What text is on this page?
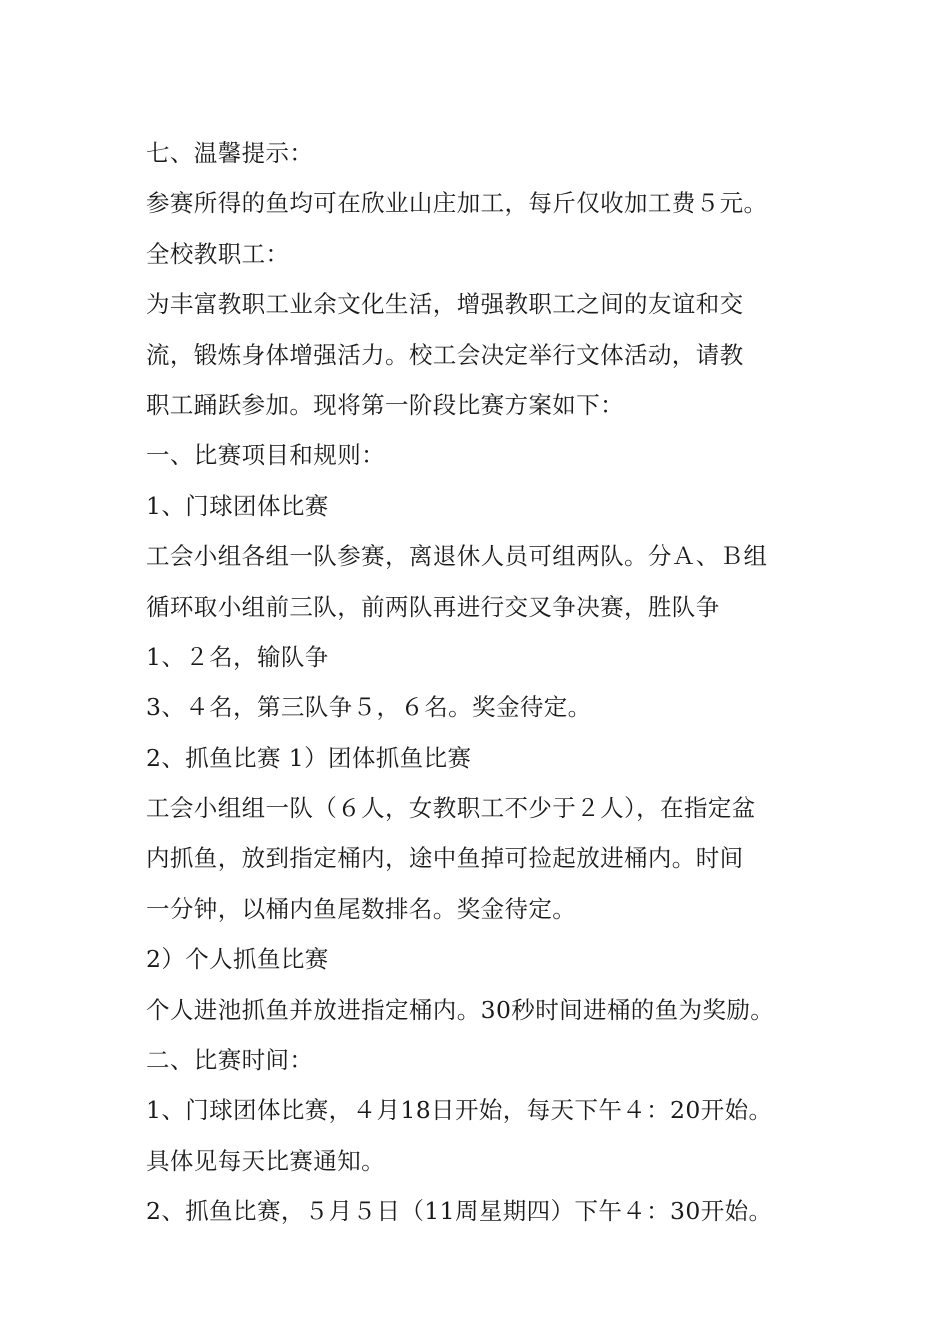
七、温馨提示：
参赛所得的鱼均可在欣业山庄加工，每斤仅收加工费５元。
全校教职工：
为丰富教职工业余文化生活，增强教职工之间的友谊和交
流，锻炼身体增强活力。校工会决定举行文体活动，请教
职工踊跃参加。现将第一阶段比赛方案如下：
一、比赛项目和规则：
1、门球团体比赛
工会小组各组一队参赛，离退休人员可组两队。分Ａ、Ｂ组
循环取小组前三队，前两队再进行交叉争决赛，胜队争
1、２名，输队争
3、４名，第三队争５，６名。奖金待定。
2、抓鱼比赛 1）团体抓鱼比赛
工会小组组一队（６人，女教职工不少于２人），在指定盆
内抓鱼，放到指定桶内，途中鱼掉可捡起放进桶内。时间
一分钟，以桶内鱼尾数排名。奖金待定。
2）个人抓鱼比赛
个人进池抓鱼并放进指定桶内。30秒时间进桶的鱼为奖励。
二、比赛时间：
1、门球团体比赛，４月18日开始，每天下午４：20开始。
具体见每天比赛通知。
2、抓鱼比赛，５月５日（11周星期四）下午４：30开始。
